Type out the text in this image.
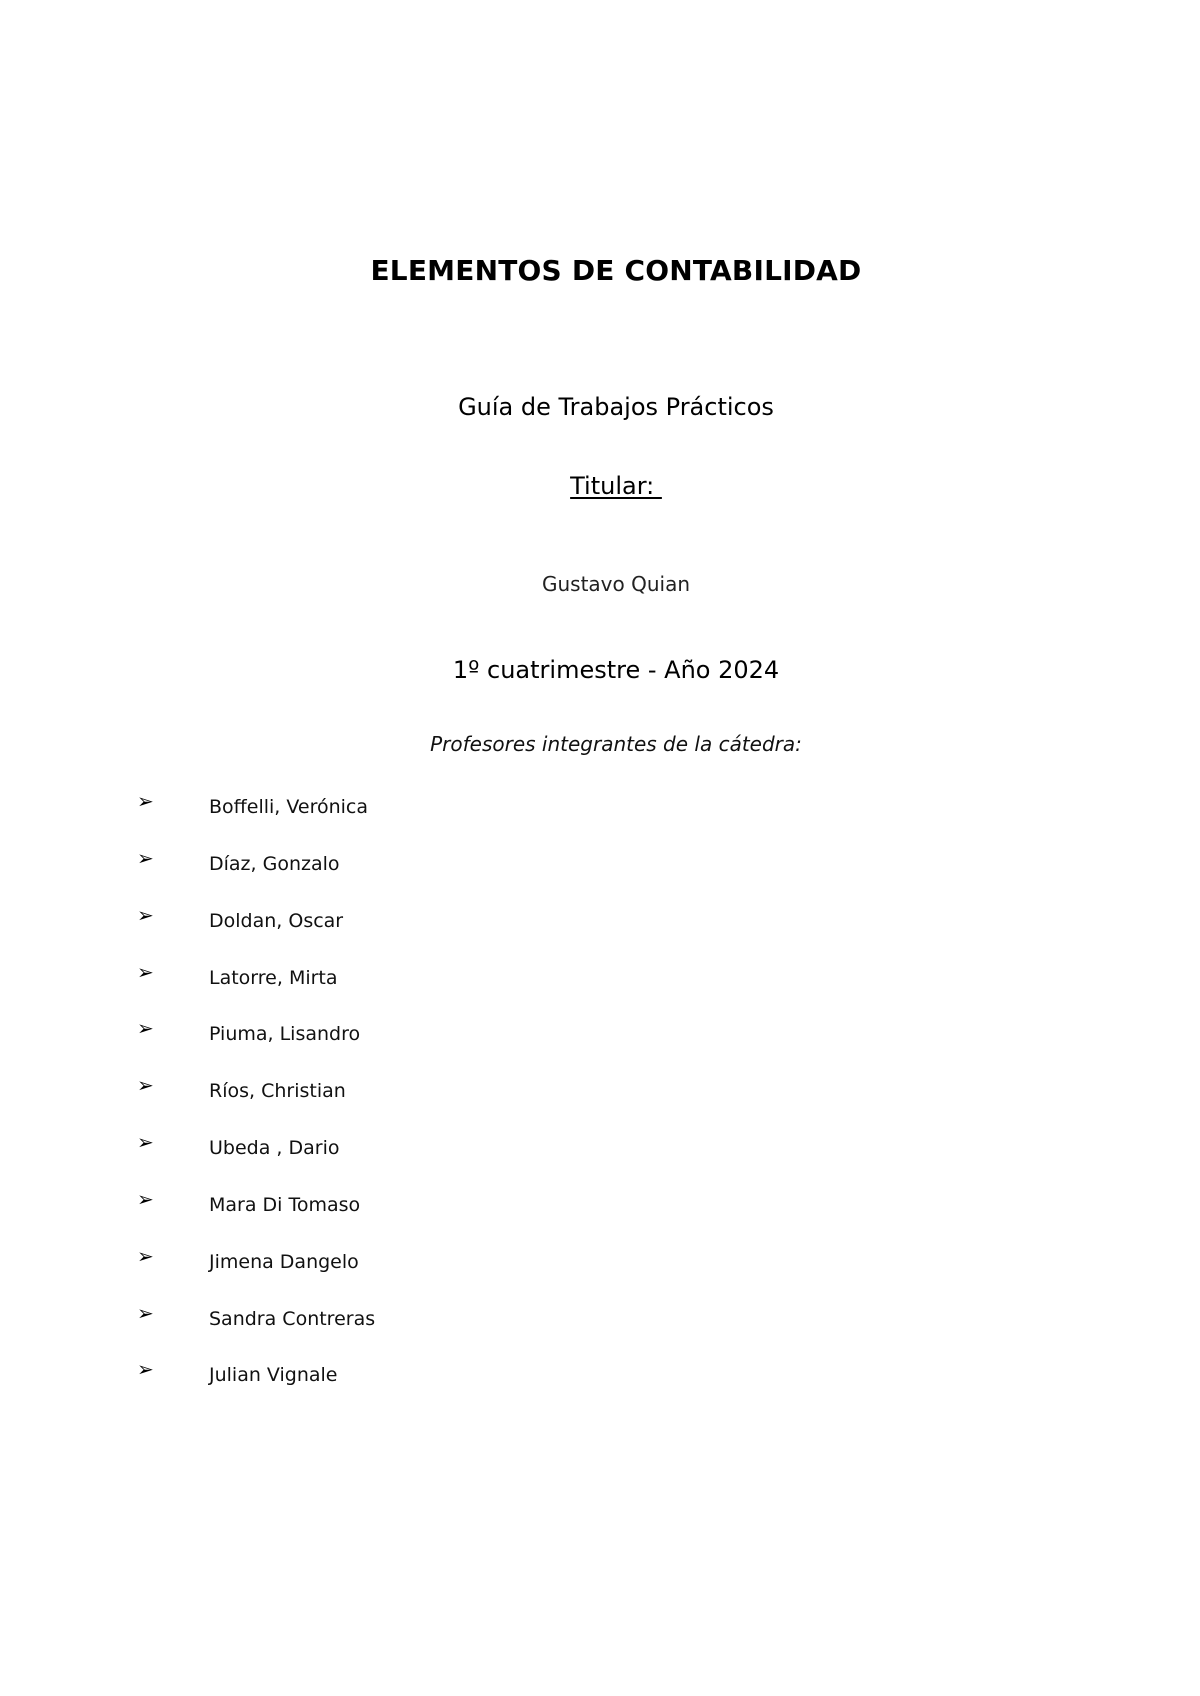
ELEMENTOS DE CONTABILIDAD
Guía de Trabajos Prácticos
Titular:
Gustavo Quian
1º cuatrimestre - Año 2024
Profesores integrantes de la cátedra:
➢	Boffelli, Verónica
➢	Díaz, Gonzalo
➢	Doldan, Oscar
➢	Latorre, Mirta
➢	Piuma, Lisandro
➢	Ríos, Christian
➢	Ubeda , Dario
➢	Mara Di Tomaso
➢	Jimena Dangelo
➢	Sandra Contreras
➢	Julian Vignale
